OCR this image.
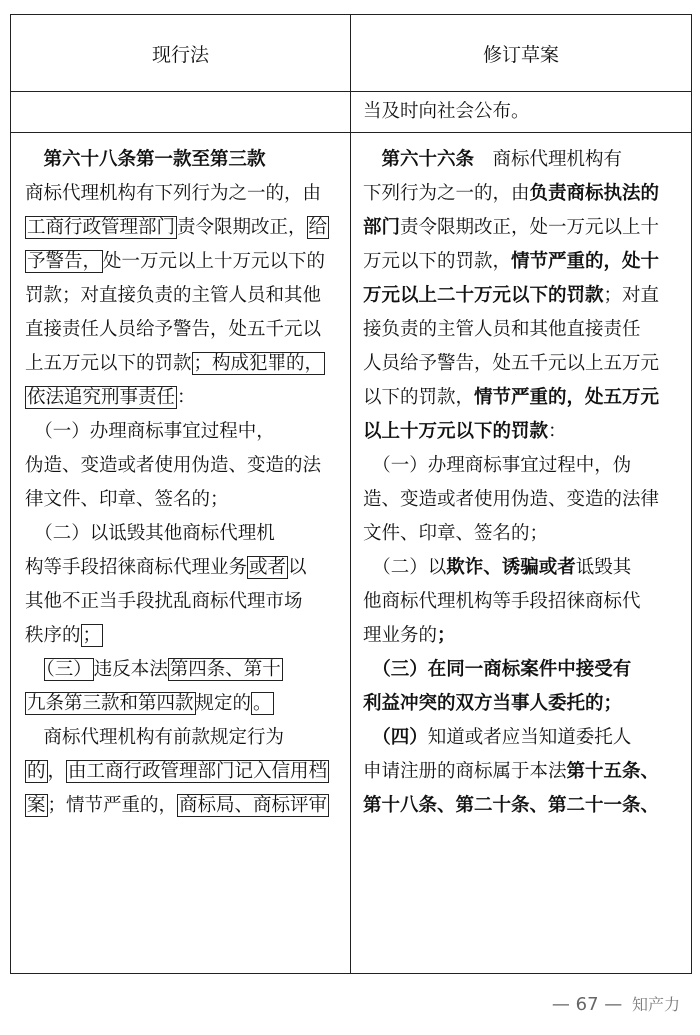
现行法	修订草案
当及时向社会公布。
　第六十八条第一款至第三款
商标代理机构有下列行为之一的，由
工商行政管理部门 责令限期改正， 给
予警告， 处一万元以上十万元以下的
罚款；对直接负责的主管人员和其他
直接责任人员给予警告，处五千元以
上五万元以下的罚款 ；构成犯罪的，
依法追究刑事责任 ：
　（一）办理商标事宜过程中，
伪造、变造或者使用伪造、变造的法
律文件、印章、签名的；
　（二）以诋毁其他商标代理机
构等手段招徕商标代理业务 或者 以
其他不正当手段扰乱商标代理市场
秩序的 ；
　（三） 违反本法 第四条、第十
九条第三款和第四款 规定的 。
　商标代理机构有前款规定行为
的 ， 由工商行政管理部门记入信用档
案 ；情节严重的， 商标局、商标评审
　第六十六条　商标代理机构有
下列行为之一的，由负责商标执法的
部门责令限期改正，处一万元以上十
万元以下的罚款，情节严重的，处十
万元以上二十万元以下的罚款；对直
接负责的主管人员和其他直接责任
人员给予警告，处五千元以上五万元
以下的罚款，情节严重的，处五万元
以上十万元以下的罚款：
　（一）办理商标事宜过程中，伪
造、变造或者使用伪造、变造的法律
文件、印章、签名的；
　（二）以欺诈、诱骗或者诋毁其
他商标代理机构等手段招徕商标代
理业务的；
　（三）在同一商标案件中接受有
利益冲突的双方当事人委托的；
　（四）知道或者应当知道委托人
申请注册的商标属于本法第十五条、
第十八条、第二十条、第二十一条、
— 67 — 知产力
